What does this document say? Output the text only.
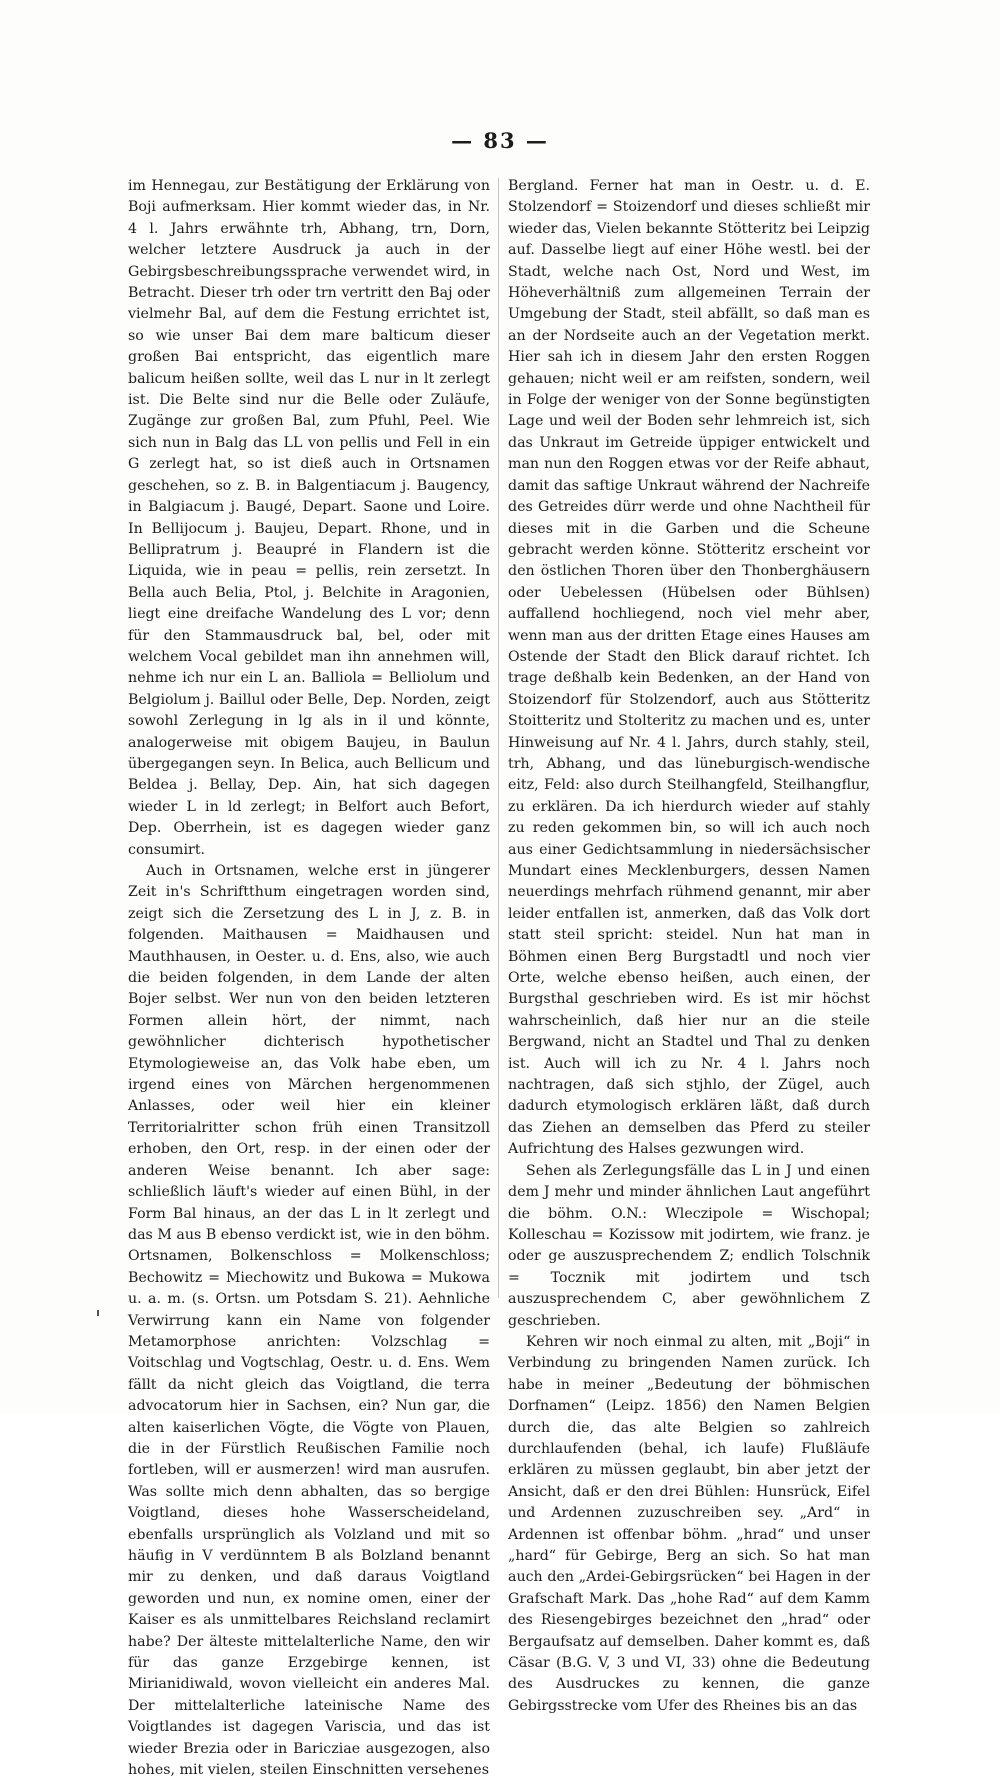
— 83 —

im Hennegau, zur Bestätigung der Erklärung von Boji aufmerksam. Hier kommt wieder das, in Nr. 4 l. Jahrs erwähnte trh, Abhang, trn, Dorn, welcher letztere Ausdruck ja auch in der Gebirgsbeschreibungssprache verwendet wird, in Betracht. Dieser trh oder trn vertritt den Baj oder vielmehr Bal, auf dem die Festung errichtet ist, so wie unser Bai dem mare balticum dieser großen Bai entspricht, das eigentlich mare balicum heißen sollte, weil das L nur in lt zerlegt ist. Die Belte sind nur die Belle oder Zuläufe, Zugänge zur großen Bal, zum Pfuhl, Peel. Wie sich nun in Balg das LL von pellis und Fell in ein G zerlegt hat, so ist dieß auch in Ortsnamen geschehen, so z. B. in Balgentiacum j. Baugency, in Balgiacum j. Baugé, Depart. Saone und Loire. In Bellijocum j. Baujeu, Depart. Rhone, und in Bellipratrum j. Beaupré in Flandern ist die Liquida, wie in peau = pellis, rein zersetzt. In Bella auch Belia, Ptol, j. Belchite in Aragonien, liegt eine dreifache Wandelung des L vor; denn für den Stammausdruck bal, bel, oder mit welchem Vocal gebildet man ihn annehmen will, nehme ich nur ein L an. Balliola = Belliolum und Belgiolum j. Baillul oder Belle, Dep. Norden, zeigt sowohl Zerlegung in lg als in il und könnte, analogerweise mit obigem Baujeu, in Baulun übergegangen seyn. In Belica, auch Bellicum und Beldea j. Bellay, Dep. Ain, hat sich dagegen wieder L in ld zerlegt; in Belfort auch Befort, Dep. Oberrhein, ist es dagegen wieder ganz consumirt.

Auch in Ortsnamen, welche erst in jüngerer Zeit in's Schriftthum eingetragen worden sind, zeigt sich die Zersetzung des L in J, z. B. in folgenden. Maithausen = Maidhausen und Mauthhausen, in Oester. u. d. Ens, also, wie auch die beiden folgenden, in dem Lande der alten Bojer selbst. Wer nun von den beiden letzteren Formen allein hört, der nimmt, nach gewöhnlicher dichterisch hypothetischer Etymologieweise an, das Volk habe eben, um irgend eines von Märchen hergenommenen Anlasses, oder weil hier ein kleiner Territorialritter schon früh einen Transitzoll erhoben, den Ort, resp. in der einen oder der anderen Weise benannt. Ich aber sage: schließlich läuft's wieder auf einen Bühl, in der Form Bal hinaus, an der das L in lt zerlegt und das M aus B ebenso verdickt ist, wie in den böhm. Ortsnamen, Bolkenschloss = Molkenschloss; Bechowitz = Miechowitz und Bukowa = Mukowa u. a. m. (s. Ortsn. um Potsdam S. 21). Aehnliche Verwirrung kann ein Name von folgender Metamorphose anrichten: Volzschlag = Voitschlag und Vogtschlag, Oestr. u. d. Ens. Wem fällt da nicht gleich das Voigtland, die terra advocatorum hier in Sachsen, ein? Nun gar, die alten kaiserlichen Vögte, die Vögte von Plauen, die in der Fürstlich Reußischen Familie noch fortleben, will er ausmerzen! wird man ausrufen. Was sollte mich denn abhalten, das so bergige Voigtland, dieses hohe Wasserscheideland, ebenfalls ursprünglich als Volzland und mit so häufig in V verdünntem B als Bolzland benannt mir zu denken, und daß daraus Voigtland geworden und nun, ex nomine omen, einer der Kaiser es als unmittelbares Reichsland reclamirt habe? Der älteste mittelalterliche Name, den wir für das ganze Erzgebirge kennen, ist Mirianidiwald, wovon vielleicht ein anderes Mal. Der mittelalterliche lateinische Name des Voigtlandes ist dagegen Variscia, und das ist wieder Brezia oder in Baricziae ausgezogen, also hohes, mit vielen, steilen Einschnitten versehenes

Bergland. Ferner hat man in Oestr. u. d. E. Stolzendorf = Stoizendorf und dieses schließt mir wieder das, Vielen bekannte Stötteritz bei Leipzig auf. Dasselbe liegt auf einer Höhe westl. bei der Stadt, welche nach Ost, Nord und West, im Höheverhältniß zum allgemeinen Terrain der Umgebung der Stadt, steil abfällt, so daß man es an der Nordseite auch an der Vegetation merkt. Hier sah ich in diesem Jahr den ersten Roggen gehauen; nicht weil er am reifsten, sondern, weil in Folge der weniger von der Sonne begünstigten Lage und weil der Boden sehr lehmreich ist, sich das Unkraut im Getreide üppiger entwickelt und man nun den Roggen etwas vor der Reife abhaut, damit das saftige Unkraut während der Nachreife des Getreides dürr werde und ohne Nachtheil für dieses mit in die Garben und die Scheune gebracht werden könne. Stötteritz erscheint vor den östlichen Thoren über den Thonberghäusern oder Uebelessen (Hübelsen oder Bühlsen) auffallend hochliegend, noch viel mehr aber, wenn man aus der dritten Etage eines Hauses am Ostende der Stadt den Blick darauf richtet. Ich trage deßhalb kein Bedenken, an der Hand von Stoizendorf für Stolzendorf, auch aus Stötteritz Stoitteritz und Stolteritz zu machen und es, unter Hinweisung auf Nr. 4 l. Jahrs, durch stahly, steil, trh, Abhang, und das lüneburgisch-wendische eitz, Feld: also durch Steilhangfeld, Steilhangflur, zu erklären. Da ich hierdurch wieder auf stahly zu reden gekommen bin, so will ich auch noch aus einer Gedichtsammlung in niedersächsischer Mundart eines Mecklenburgers, dessen Namen neuerdings mehrfach rühmend genannt, mir aber leider entfallen ist, anmerken, daß das Volk dort statt steil spricht: steidel. Nun hat man in Böhmen einen Berg Burgstadtl und noch vier Orte, welche ebenso heißen, auch einen, der Burgsthal geschrieben wird. Es ist mir höchst wahrscheinlich, daß hier nur an die steile Bergwand, nicht an Stadtel und Thal zu denken ist. Auch will ich zu Nr. 4 l. Jahrs noch nachtragen, daß sich stjhlo, der Zügel, auch dadurch etymologisch erklären läßt, daß durch das Ziehen an demselben das Pferd zu steiler Aufrichtung des Halses gezwungen wird.

Sehen als Zerlegungsfälle das L in J und einen dem J mehr und minder ähnlichen Laut angeführt die böhm. O.N.: Wleczipole = Wischopal; Kolleschau = Kozissow mit jodirtem, wie franz. je oder ge auszusprechendem Z; endlich Tolschnik = Tocznik mit jodirtem und tsch auszusprechendem C, aber gewöhnlichem Z geschrieben.

Kehren wir noch einmal zu alten, mit „Boji“ in Verbindung zu bringenden Namen zurück. Ich habe in meiner „Bedeutung der böhmischen Dorfnamen“ (Leipz. 1856) den Namen Belgien durch die, das alte Belgien so zahlreich durchlaufenden (behal, ich laufe) Flußläufe erklären zu müssen geglaubt, bin aber jetzt der Ansicht, daß er den drei Bühlen: Hunsrück, Eifel und Ardennen zuzuschreiben sey. „Ard“ in Ardennen ist offenbar böhm. „hrad“ und unser „hard“ für Gebirge, Berg an sich. So hat man auch den „Ardei-Gebirgsrücken“ bei Hagen in der Grafschaft Mark. Das „hohe Rad“ auf dem Kamm des Riesengebirges bezeichnet den „hrad“ oder Bergaufsatz auf demselben. Daher kommt es, daß Cäsar (B.G. V, 3 und VI, 33) ohne die Bedeutung des Ausdruckes zu kennen, die ganze Gebirgsstrecke vom Ufer des Rheines bis an das
